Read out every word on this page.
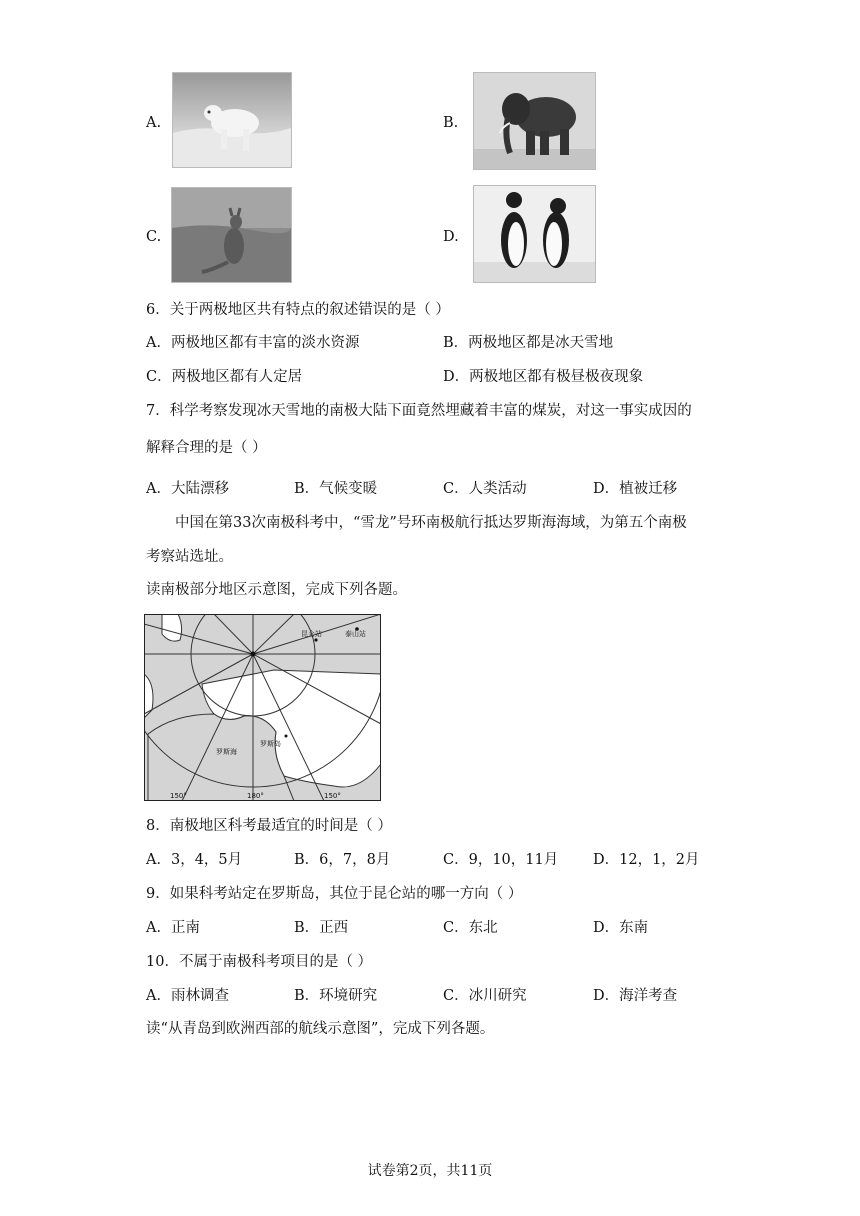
A.	B.
C.	D.
6．关于两极地区共有特点的叙述错误的是（ ）
A．两极地区都有丰富的淡水资源	B．两极地区都是冰天雪地
C．两极地区都有人定居	D．两极地区都有极昼极夜现象
7．科学考察发现冰天雪地的南极大陆下面竟然埋藏着丰富的煤炭，对这一事实成因的
解释合理的是（ ）
A．大陆漂移	B．气候变暖	C．人类活动	D．植被迁移
中国在第33次南极科考中，“雪龙”号环南极航行抵达罗斯海海域，为第五个南极
考察站选址。
读南极部分地区示意图，完成下列各题。
昆仑站	泰山站
罗斯海
罗斯岛
150°	180°	150°
8．南极地区科考最适宜的时间是（ ）
A．3，4，5月	B．6，7，8月	C．9，10，11月 D．12，1，2月
9．如果科考站定在罗斯岛，其位于昆仑站的哪一方向（ ）
A．正南	B．正西	C．东北	D．东南
10．不属于南极科考项目的是（ ）
A．雨林调查	B．环境研究	C．冰川研究	D．海洋考查
读“从青岛到欧洲西部的航线示意图”，完成下列各题。
试卷第2页，共11页
